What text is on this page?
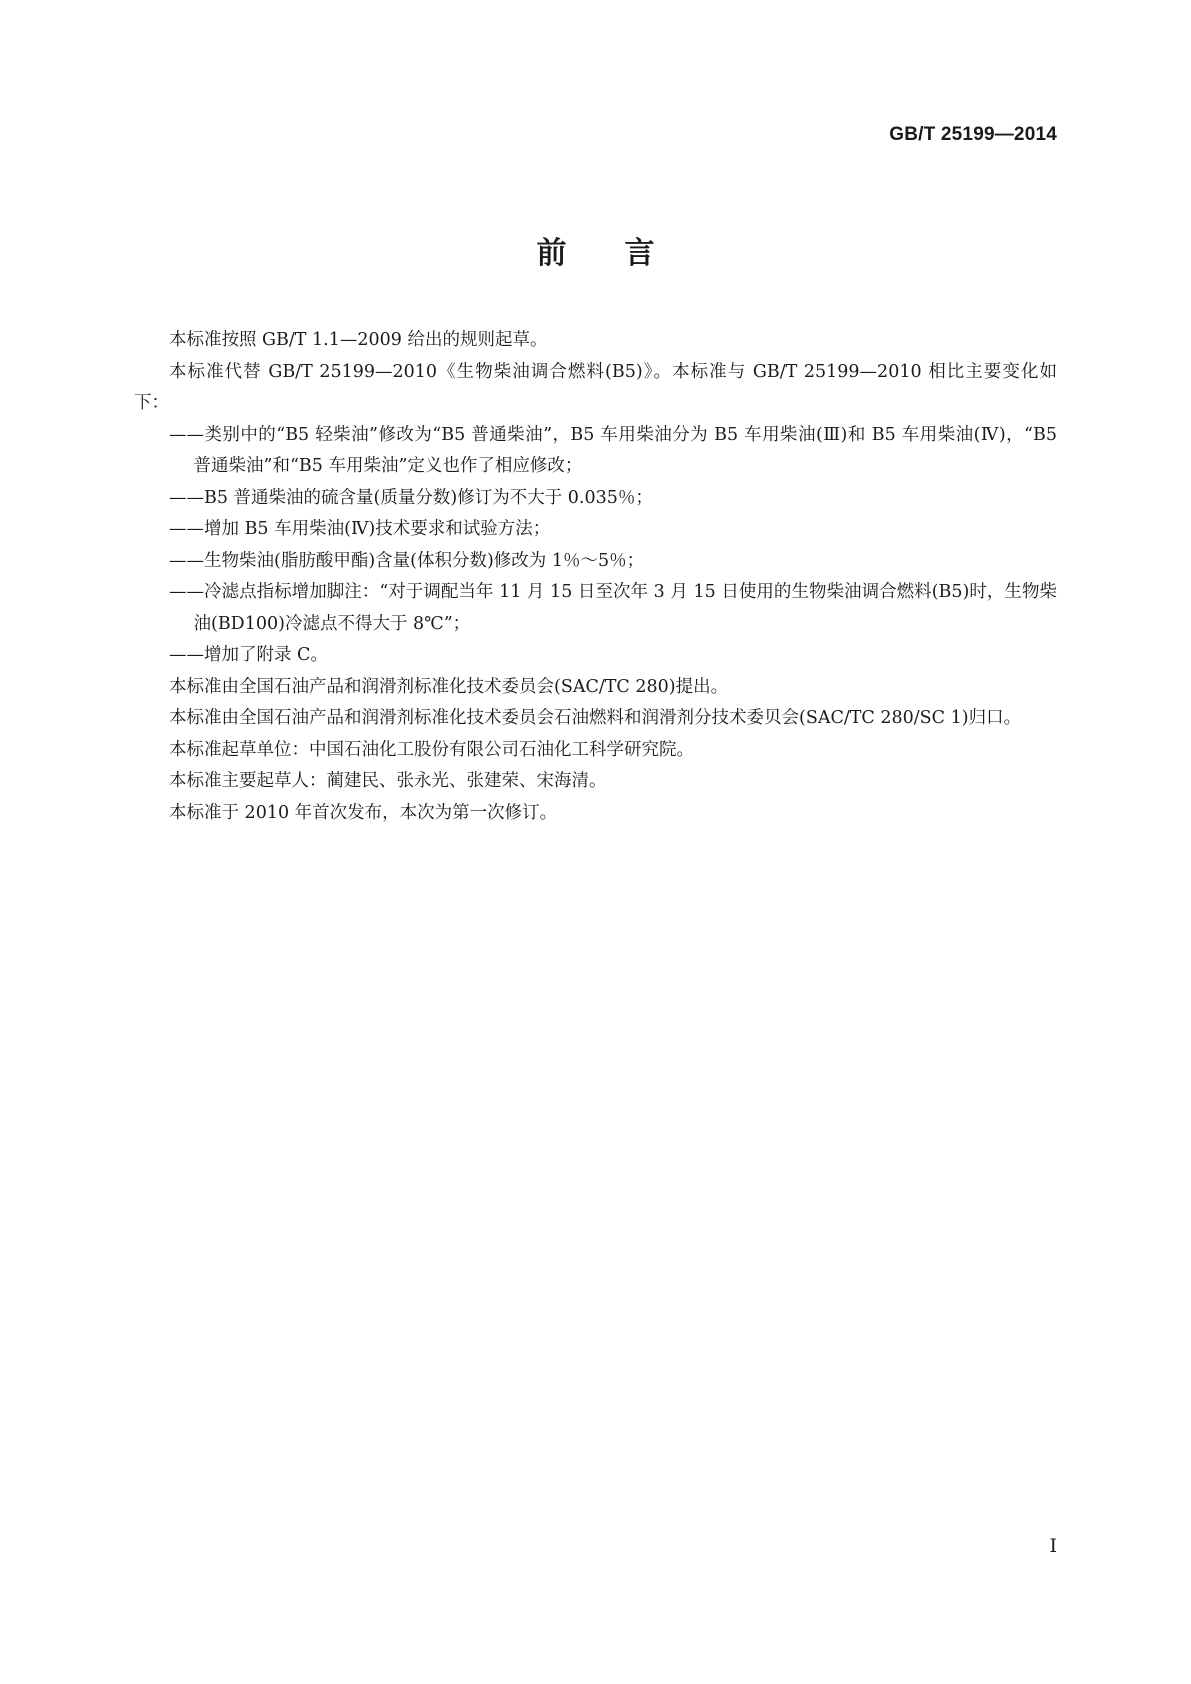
GB/T 25199—2014
前言

本标准按照 GB/T 1.1—2009 给出的规则起草。

本标准代替 GB/T 25199—2010《生物柴油调合燃料(B5)》。本标准与 GB/T 25199—2010 相比主要变化如下：

——类别中的“B5 轻柴油”修改为“B5 普通柴油”，B5 车用柴油分为 B5 车用柴油(Ⅲ)和 B5 车用柴油(Ⅳ)，“B5 普通柴油”和“B5 车用柴油”定义也作了相应修改；

——B5 普通柴油的硫含量(质量分数)修订为不大于 0.035％；

——增加 B5 车用柴油(Ⅳ)技术要求和试验方法；

——生物柴油(脂肪酸甲酯)含量(体积分数)修改为 1％～5％；

——冷滤点指标增加脚注：“对于调配当年 11 月 15 日至次年 3 月 15 日使用的生物柴油调合燃料(B5)时，生物柴油(BD100)冷滤点不得大于 8℃”；

——增加了附录 C。

本标准由全国石油产品和润滑剂标准化技术委员会(SAC/TC 280)提出。

本标准由全国石油产品和润滑剂标准化技术委员会石油燃料和润滑剂分技术委贝会(SAC/TC 280/SC 1)归口。

本标准起草单位：中国石油化工股份有限公司石油化工科学研究院。

本标准主要起草人：蔺建民、张永光、张建荣、宋海清。

本标准于 2010 年首次发布，本次为第一次修订。

I
